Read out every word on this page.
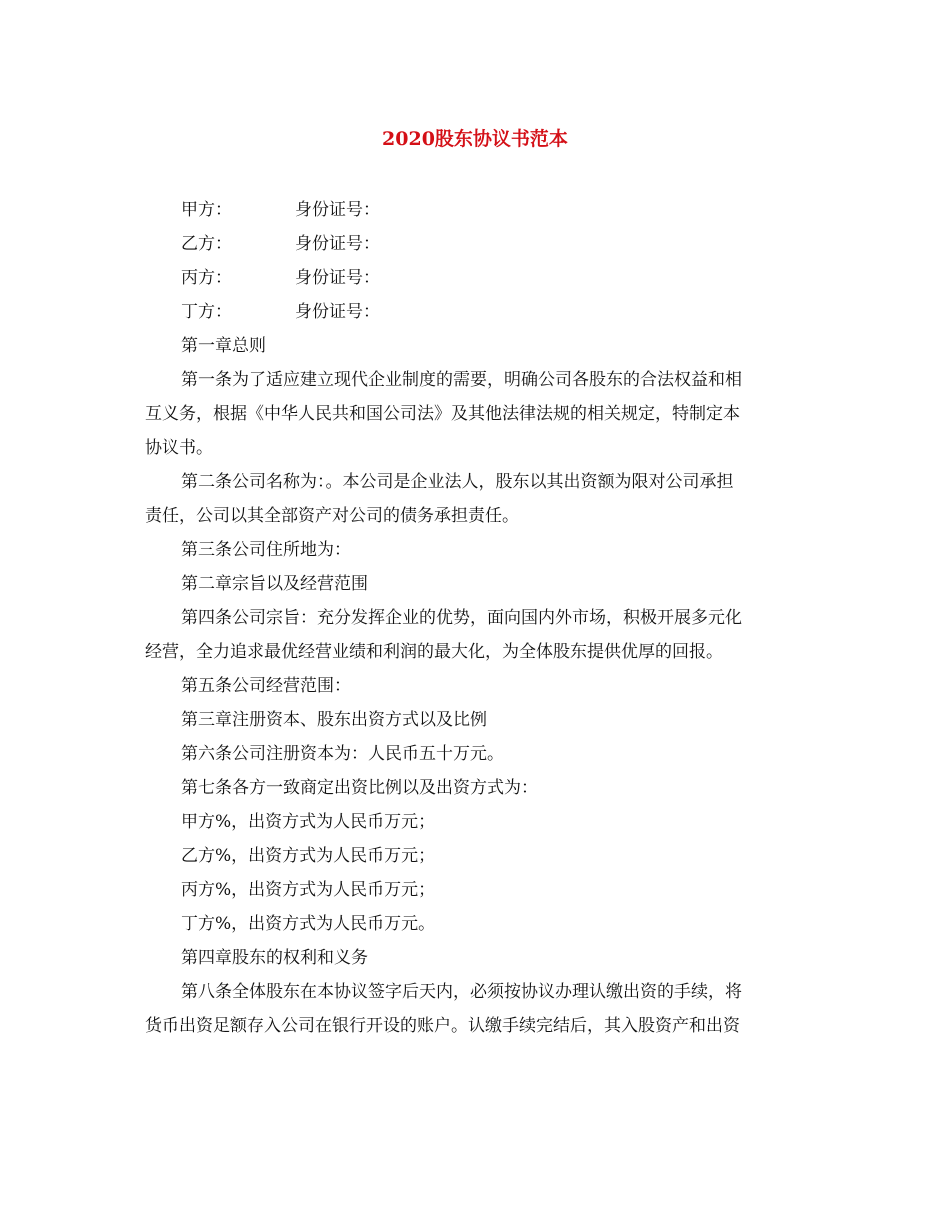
2020股东协议书范本
甲方：	身份证号：
乙方：	身份证号：
丙方：	身份证号：
丁方：	身份证号：
第一章总则
第一条为了适应建立现代企业制度的需要，明确公司各股东的合法权益和相
互义务，根据《中华人民共和国公司法》及其他法律法规的相关规定，特制定本
协议书。
第二条公司名称为：。本公司是企业法人，股东以其出资额为限对公司承担
责任，公司以其全部资产对公司的债务承担责任。
第三条公司住所地为：
第二章宗旨以及经营范围
第四条公司宗旨：充分发挥企业的优势，面向国内外市场，积极开展多元化
经营，全力追求最优经营业绩和利润的最大化，为全体股东提供优厚的回报。
第五条公司经营范围：
第三章注册资本、股东出资方式以及比例
第六条公司注册资本为：人民币五十万元。
第七条各方一致商定出资比例以及出资方式为：
甲方%，出资方式为人民币万元；
乙方%，出资方式为人民币万元；
丙方%，出资方式为人民币万元；
丁方%，出资方式为人民币万元。
第四章股东的权利和义务
第八条全体股东在本协议签字后天内，必须按协议办理认缴出资的手续，将
货币出资足额存入公司在银行开设的账户。认缴手续完结后，其入股资产和出资
